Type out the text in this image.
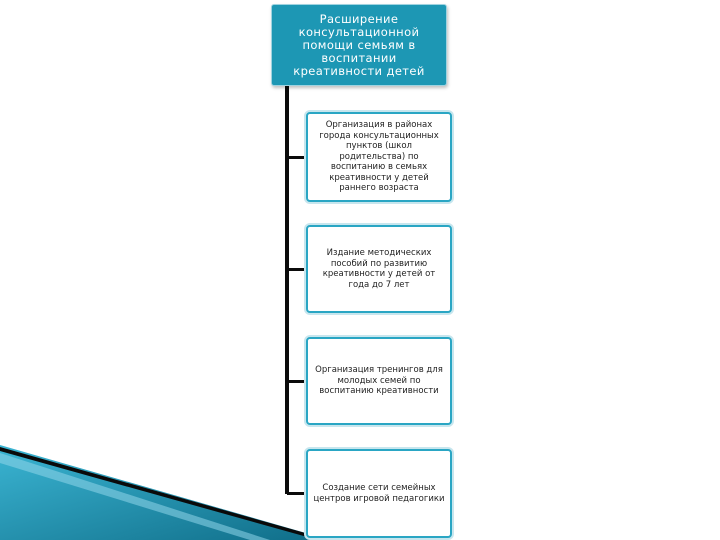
Расширение консультационной помощи семьям в воспитании креативности детей
Организация в районах города консультационных пунктов (школ родительства) по воспитанию в семьях креативности у детей раннего возраста
Издание методических пособий по развитию креативности у детей от года до 7 лет
Организация тренингов для молодых семей по воспитанию креативности
Создание сети семейных центров игровой педагогики
